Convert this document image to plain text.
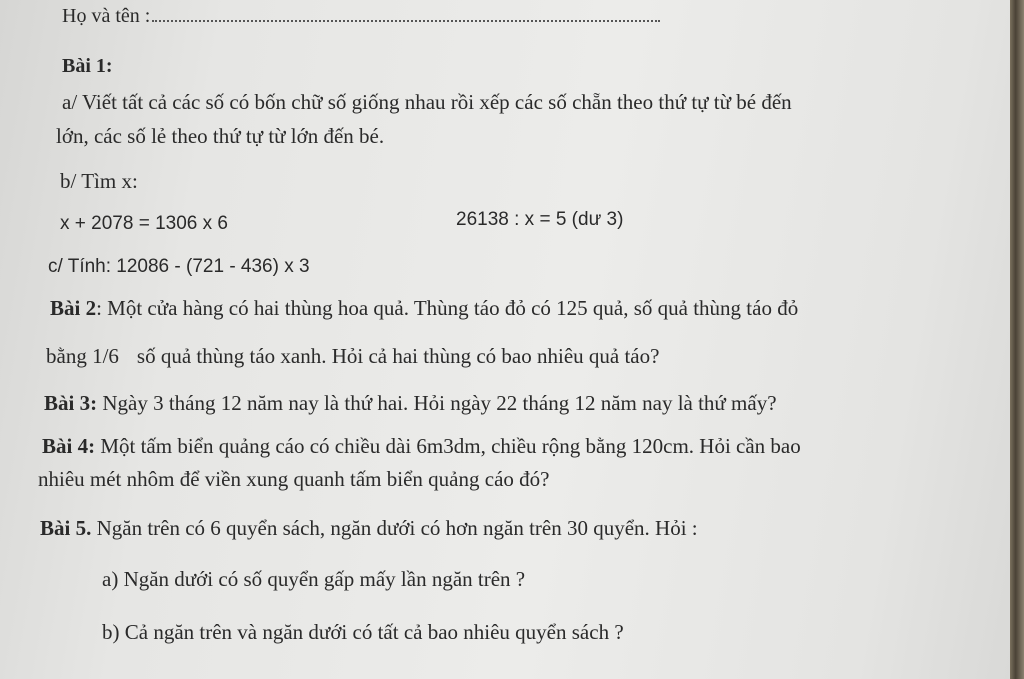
Họ và tên :
Bài 1:
a/ Viết tất cả các số có bốn chữ số giống nhau rồi xếp các số chẵn theo thứ tự từ bé đến
lớn, các số lẻ theo thứ tự từ lớn đến bé.
b/ Tìm x:
x + 2078 = 1306 x 6	26138 : x = 5 (dư 3)
c/ Tính: 12086 - (721 - 436) x 3
Bài 2: Một cửa hàng có hai thùng hoa quả. Thùng táo đỏ có 125 quả, số quả thùng táo đỏ
bằng 1/6 số quả thùng táo xanh. Hỏi cả hai thùng có bao nhiêu quả táo?
Bài 3: Ngày 3 tháng 12 năm nay là thứ hai. Hỏi ngày 22 tháng 12 năm nay là thứ mấy?
Bài 4: Một tấm biển quảng cáo có chiều dài 6m3dm, chiều rộng bằng 120cm. Hỏi cần bao
nhiêu mét nhôm để viền xung quanh tấm biển quảng cáo đó?
Bài 5. Ngăn trên có 6 quyển sách, ngăn dưới có hơn ngăn trên 30 quyển. Hỏi :
a) Ngăn dưới có số quyển gấp mấy lần ngăn trên ?
b) Cả ngăn trên và ngăn dưới có tất cả bao nhiêu quyển sách ?
